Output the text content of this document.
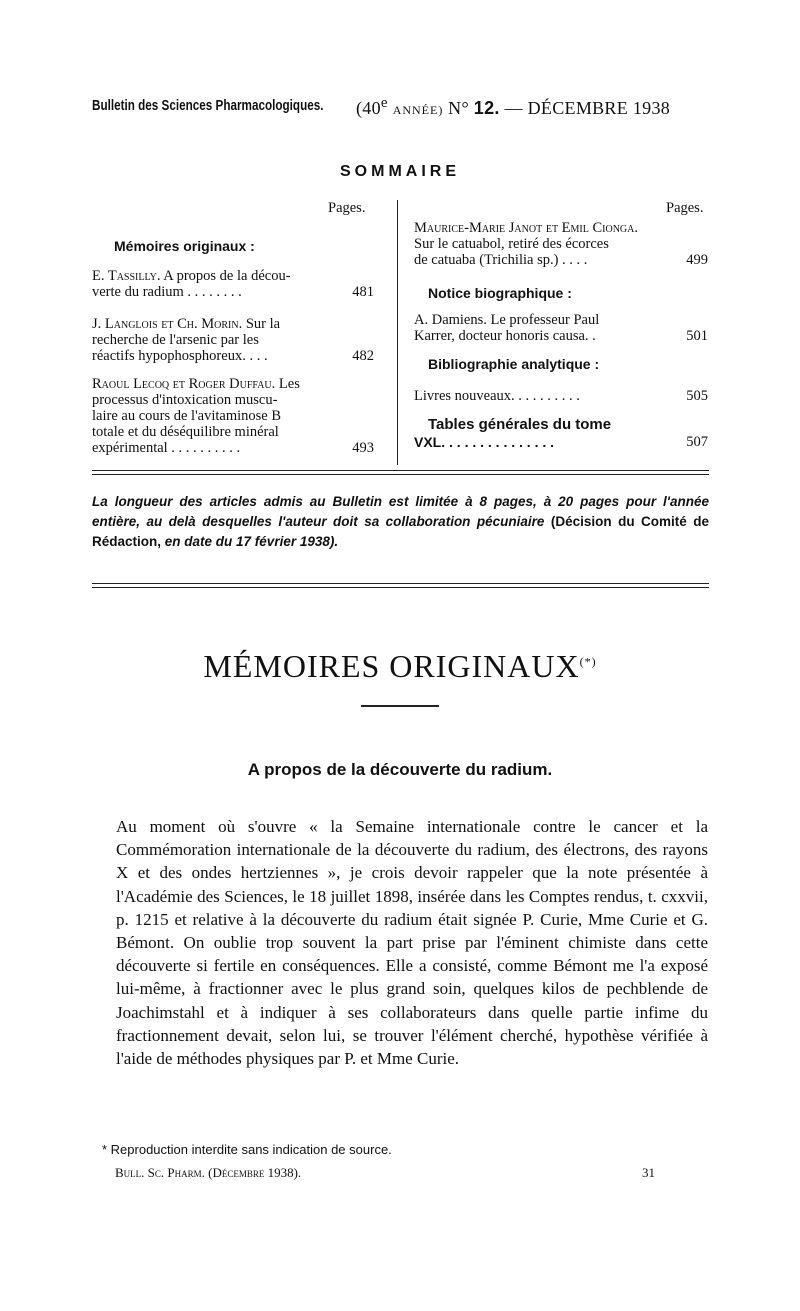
Bulletin des Sciences Pharmacologiques. (40e ANNÉE) N° 12. — DÉCEMBRE 1938
SOMMAIRE
Pages.	Pages.
Mémoires originaux :
E. Tassilly. A propos de la décou-
verte du radium . . . . . . . .	481
J. Langlois et Ch. Morin. Sur la
recherche de l'arsenic par les
réactifs hypophosphoreux. . . .	482
Raoul Lecoq et Roger Duffau. Les
processus d'intoxication muscu-
laire au cours de l'avitaminose B
totale et du déséquilibre minéral
expérimental . . . . . . . . . .	493
Maurice-Marie Janot et Emil Cionga.
Sur le catuabol, retiré des écorces
de catuaba (Trichilia sp.) . . . .	499
Notice biographique :
A. Damiens. Le professeur Paul
Karrer, docteur honoris causa. .	501
Bibliographie analytique :
Livres nouveaux. . . . . . . . . .	505
Tables générales du tome
VXL. . . . . . . . . . . . . . .	507
La longueur des articles admis au Bulletin est limitée à 8 pages, à 20 pages pour l'année entière, au delà desquelles l'auteur doit sa collaboration pécuniaire (Décision du Comité de Rédaction, en date du 17 février 1938).
MÉMOIRES ORIGINAUX(*)
A propos de la découverte du radium.
Au moment où s'ouvre « la Semaine internationale contre le cancer et la Commémoration internationale de la découverte du radium, des électrons, des rayons X et des ondes hertziennes », je crois devoir rappeler que la note présentée à l'Académie des Sciences, le 18 juillet 1898, insérée dans les Comptes rendus, t. cxxvii, p. 1215 et relative à la découverte du radium était signée P. Curie, Mme Curie et G. Bémont. On oublie trop souvent la part prise par l'éminent chimiste dans cette découverte si fertile en conséquences. Elle a consisté, comme Bémont me l'a exposé lui-même, à fractionner avec le plus grand soin, quelques kilos de pechblende de Joachimstahl et à indiquer à ses collaborateurs dans quelle partie infime du fractionnement devait, selon lui, se trouver l'élément cherché, hypothèse vérifiée à l'aide de méthodes physiques par P. et Mme Curie.
* Reproduction interdite sans indication de source.
Bull. Sc. Pharm. (Décembre 1938).	31
